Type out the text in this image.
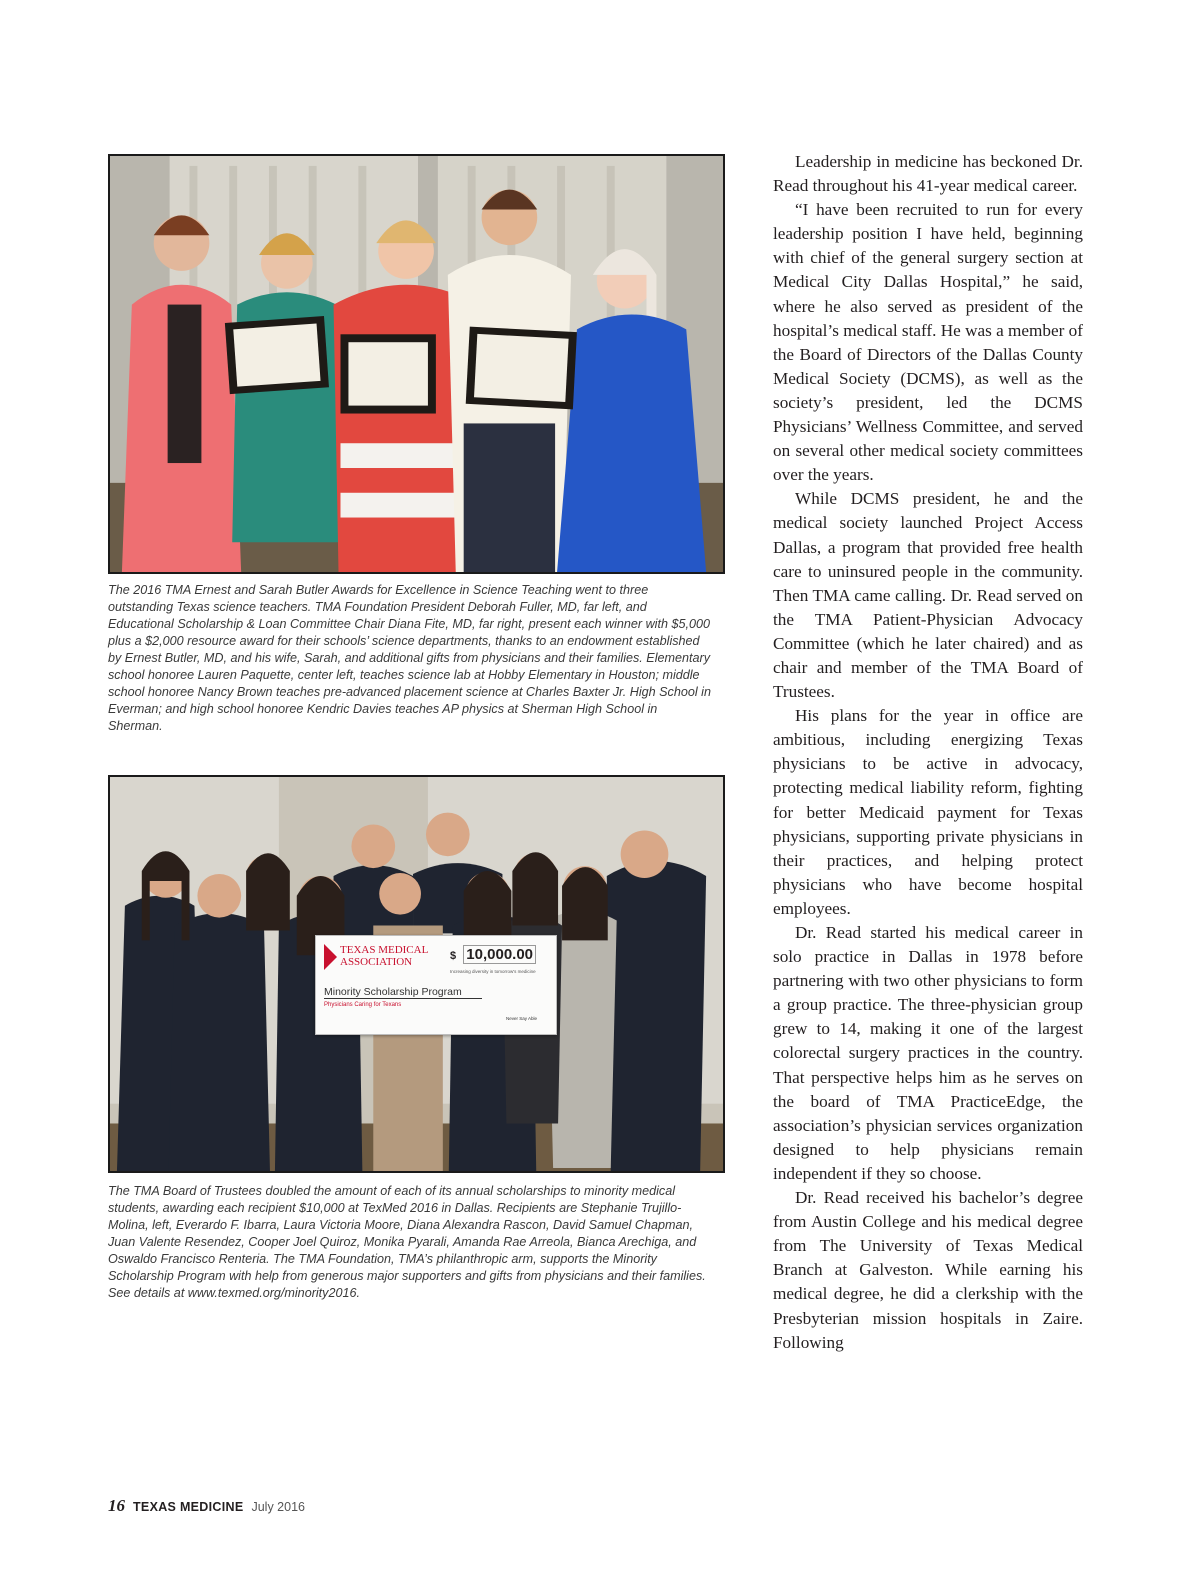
The 2016 TMA Ernest and Sarah Butler Awards for Excellence in Science Teaching went to three outstanding Texas science teachers. TMA Foundation President Deborah Fuller, MD, far left, and Educational Scholarship & Loan Committee Chair Diana Fite, MD, far right, present each winner with $5,000 plus a $2,000 resource award for their schools’ science departments, thanks to an endowment established by Ernest Butler, MD, and his wife, Sarah, and additional gifts from physicians and their families. Elementary school honoree Lauren Paquette, center left, teaches science lab at Hobby Elementary in Houston; middle school honoree Nancy Brown teaches pre-advanced placement science at Charles Baxter Jr. High School in Everman; and high school honoree Kendric Davies teaches AP physics at Sherman High School in Sherman.
TEXAS MEDICAL
ASSOCIATION	$ 10,000.00
Increasing diversity in tomorrow's medicine
Minority Scholarship Program
Physicians Caring for Texans
Never Say Able
The TMA Board of Trustees doubled the amount of each of its annual scholarships to minority medical students, awarding each recipient $10,000 at TexMed 2016 in Dallas. Recipients are Stephanie Trujillo-Molina, left, Everardo F. Ibarra, Laura Victoria Moore, Diana Alexandra Rascon, David Samuel Chapman, Juan Valente Resendez, Cooper Joel Quiroz, Monika Pyarali, Amanda Rae Arreola, Bianca Arechiga, and Oswaldo Francisco Renteria. The TMA Foundation, TMA’s philanthropic arm, supports the Minority Scholarship Program with help from generous major supporters and gifts from physicians and their families. See details at www.texmed.org/minority2016.

Leadership in medicine has beckoned Dr. Read throughout his 41-year medical career.

“I have been recruited to run for every leadership position I have held, beginning with chief of the general surgery section at Medical City Dallas Hospital,” he said, where he also served as president of the hospital’s medical staff. He was a member of the Board of Directors of the Dallas County Medical Society (DCMS), as well as the society’s president, led the DCMS Physicians’ Wellness Committee, and served on several other medical society committees over the years.

While DCMS president, he and the medical society launched Project Access Dallas, a program that provided free health care to uninsured people in the community. Then TMA came calling. Dr. Read served on the TMA Patient-Physician Advocacy Committee (which he later chaired) and as chair and member of the TMA Board of Trustees.

His plans for the year in office are ambitious, including energizing Texas physicians to be active in advocacy, protecting medical liability reform, fighting for better Medicaid payment for Texas physicians, supporting private physicians in their practices, and helping protect physicians who have become hospital employees.

Dr. Read started his medical career in solo practice in Dallas in 1978 before partnering with two other physicians to form a group practice. The three-physician group grew to 14, making it one of the largest colorectal surgery practices in the country. That perspective helps him as he serves on the board of TMA PracticeEdge, the association’s physician services organization designed to help physicians remain independent if they so choose.

Dr. Read received his bachelor’s degree from Austin College and his medical degree from The University of Texas Medical Branch at Galveston. While earning his medical degree, he did a clerkship with the Presbyterian mission hospitals in Zaire. Following

16 TEXAS MEDICINE July 2016
